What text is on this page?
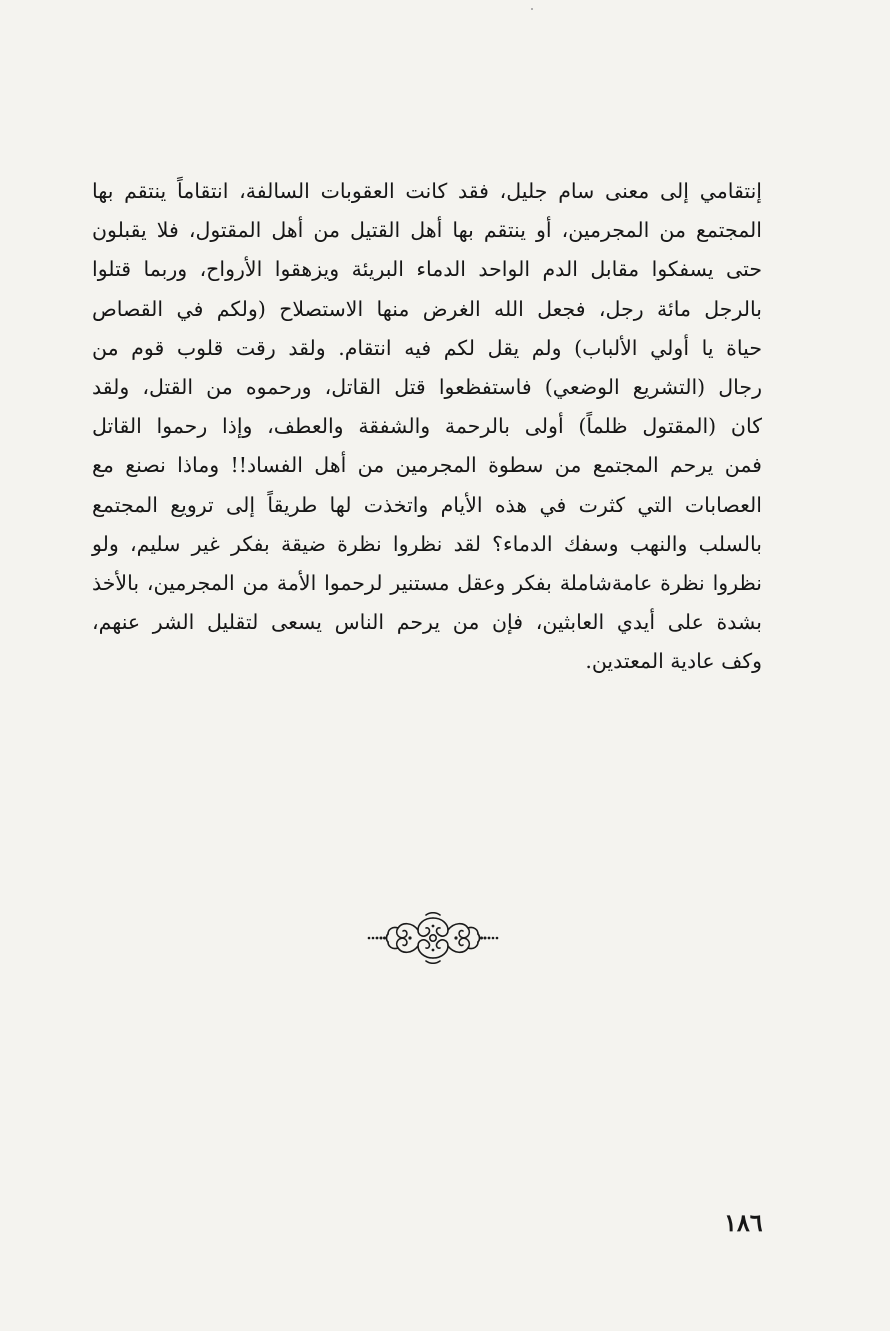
إنتقامي إلى معنى سام جليل، فقد كانت العقوبات السالفة، انتقاماً ينتقم بها
المجتمع من المجرمين، أو ينتقم بها أهل القتيل من أهل المقتول، فلا يقبلون
حتى يسفكوا مقابل الدم الواحد الدماء البريئة ويزهقوا الأرواح، وربما قتلوا
بالرجل مائة رجل، فجعل الله الغرض منها الاستصلاح (ولكم في القصاص
حياة يا أولي الألباب) ولم يقل لكم فيه انتقام. ولقد رقت قلوب قوم من
رجال (التشريع الوضعي) فاستفظعوا قتل القاتل، ورحموه من القتل، ولقد
كان (المقتول ظلماً) أولى بالرحمة والشفقة والعطف، وإذا رحموا القاتل
فمن يرحم المجتمع من سطوة المجرمين من أهل الفساد!! وماذا نصنع مع
العصابات التي كثرت في هذه الأيام واتخذت لها طريقاً إلى ترويع المجتمع
بالسلب والنهب وسفك الدماء؟ لقد نظروا نظرة ضيقة بفكر غير سليم، ولو
نظروا نظرة عامةشاملة بفكر وعقل مستنير لرحموا الأمة من المجرمين، بالأخذ
بشدة على أيدي العابثين، فإن من يرحم الناس يسعى لتقليل الشر عنهم،
وكف عادية المعتدين.
١٨٦
